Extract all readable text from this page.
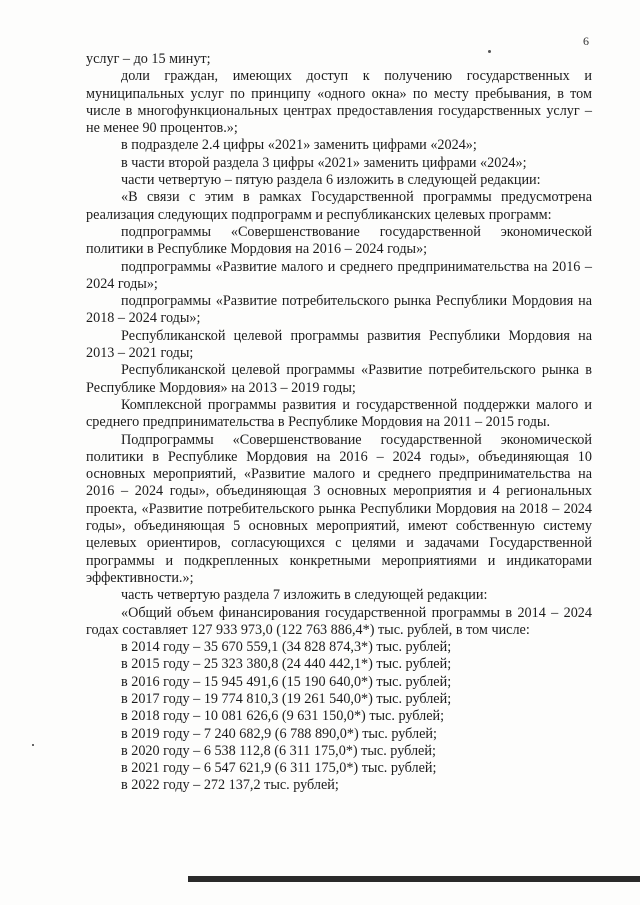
6

услуг – до 15 минут;

доли граждан, имеющих доступ к получению государственных и муниципальных услуг по принципу «одного окна» по месту пребывания, в том числе в многофункциональных центрах предоставления государственных услуг – не менее 90 процентов.»;

в подразделе 2.4 цифры «2021» заменить цифрами «2024»;

в части второй раздела 3 цифры «2021» заменить цифрами «2024»;

части четвертую – пятую раздела 6 изложить в следующей редакции:

«В связи с этим в рамках Государственной программы предусмотрена реализация следующих подпрограмм и республиканских целевых программ:

подпрограммы «Совершенствование государственной экономической политики в Республике Мордовия на 2016 – 2024 годы»;

подпрограммы «Развитие малого и среднего предпринимательства на 2016 – 2024 годы»;

подпрограммы «Развитие потребительского рынка Республики Мордовия на 2018 – 2024 годы»;

Республиканской целевой программы развития Республики Мордовия на 2013 – 2021 годы;

Республиканской целевой программы «Развитие потребительского рынка в Республике Мордовия» на 2013 – 2019 годы;

Комплексной программы развития и государственной поддержки малого и среднего предпринимательства в Республике Мордовия на 2011 – 2015 годы.

Подпрограммы «Совершенствование государственной экономической политики в Республике Мордовия на 2016 – 2024 годы», объединяющая 10 основных мероприятий, «Развитие малого и среднего предпринимательства на 2016 – 2024 годы», объединяющая 3 основных мероприятия и 4 региональных проекта, «Развитие потребительского рынка Республики Мордовия на 2018 – 2024 годы», объединяющая 5 основных мероприятий, имеют собственную систему целевых ориентиров, согласующихся с целями и задачами Государственной программы и подкрепленных конкретными мероприятиями и индикаторами эффективности.»;

часть четвертую раздела 7 изложить в следующей редакции:

«Общий объем финансирования государственной программы в 2014 – 2024 годах составляет 127 933 973,0 (122 763 886,4*) тыс. рублей, в том числе:

в 2014 году – 35 670 559,1 (34 828 874,3*) тыс. рублей;
в 2015 году – 25 323 380,8 (24 440 442,1*) тыс. рублей;
в 2016 году – 15 945 491,6 (15 190 640,0*) тыс. рублей;
в 2017 году – 19 774 810,3 (19 261 540,0*) тыс. рублей;
в 2018 году – 10 081 626,6 (9 631 150,0*) тыс. рублей;
в 2019 году – 7 240 682,9 (6 788 890,0*) тыс. рублей;
в 2020 году – 6 538 112,8 (6 311 175,0*) тыс. рублей;
в 2021 году – 6 547 621,9 (6 311 175,0*) тыс. рублей;
в 2022 году – 272 137,2 тыс. рублей;
